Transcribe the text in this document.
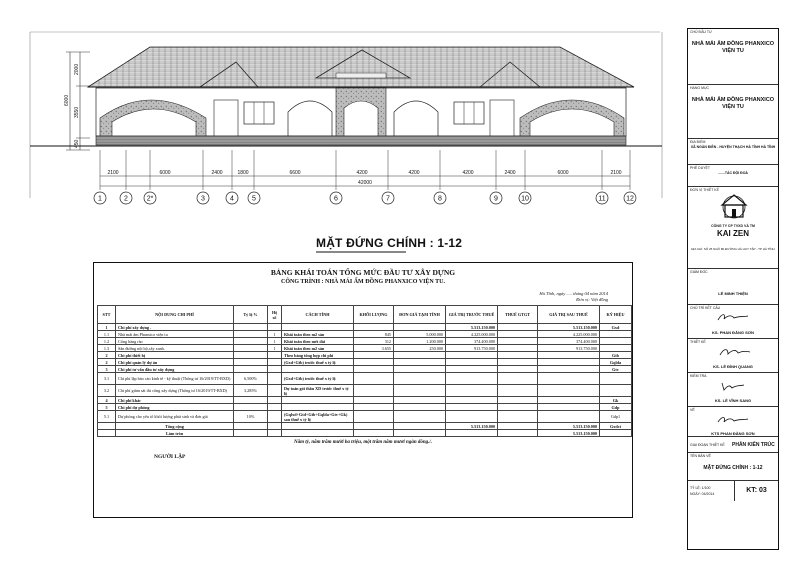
2000
3550
450
6000
2100	6000	2400	1800	6600	4200	4200	4200	2400	6000	2100
42000
1	2	2*	3	4	5	6	7	8	9	10	11	12
MẶT ĐỨNG CHÍNH : 1-12
BẢNG KHÁI TOÁN TỔNG MỨC ĐẦU TƯ XÂY DỰNG
CÔNG TRÌNH : NHÀ MÁI ẤM ĐỒNG PHANXICO VIỆN TU.
Hà Tĩnh, ngày ..... tháng 04 năm 2014
Đơn vị: Việt đồng
STT	NỘI DUNG CHI PHÍ	Tỷ lệ %	Hệ số	CÁCH TÍNH	KHỐI LƯỢNG	ĐƠN GIÁ TẠM TÍNH	GIÁ TRỊ TRƯỚC THUẾ	THUẾ GTGT	GIÁ TRỊ SAU THUẾ	KÝ HIỆU
1	Chi phí xây dựng .						5.513.150.000		5.513.150.000	Gxd
1.1	Nhà mái ấm Phanxico viện tu		1	Khái toán theo m2 sàn	845	5.000.000	4.225.000.000		4.225.000.000	
1.2	Cổng hàng rào		1	Khái toán theo mét dài	312	1.200.000	374.400.000		374.400.000	
1.3	Sân đường nội bộ,cây xanh.		1	Khái toán theo m2 sàn	3.655	250.000	913.750.000		913.750.000	
2	Chi phí thiết bị			Theo bảng tổng hợp chi phí						Gtb
2	Chi phí quản lý dự án			(Gxd+Gtb) trước thuế x tỷ lệ						Gqlda
3	Chi phí tư vấn đầu tư xây dựng									Gtv
3.1	Chi phí lập báo cáo kinh tế - kỹ thuật (Thông tư 16/2019/TT-BXD)	6,500%		(Gxd+Gtb) trước thuế x tỷ lệ						
3.2	Chi phí giám sát thi công xây dựng (Thông tư 16/2019/TT-BXD)	3,285%		Dự toán gói thầu XD trước thuế x tỷ lệ						
4	Chi phí khác									Gk
5	Chi phí dự phòng									Gdp
5.1	Dự phòng cho yếu tố khối lượng phát sinh và đơn giá	10%		(Gqlxd+Gtd+Gtb+Gqlda+Gtv+Gk) sau thuế x tỷ lệ						Gdp1
	Tổng cộng						5.513.150.000		5.513.150.000	Gxdct
	Làm tròn								5.513.150.000	
Năm tỷ, năm trăm mười ba triệu, một trăm năm mươi ngàn đồng./.
NGƯỜI LẬP
CHỦ ĐẦU TƯ
NHÀ MÁI ẤM ĐỒNG PHANXICO VIỆN TU
HẠNG MỤC
NHÀ MÁI ẤM ĐỒNG PHANXICO VIỆN TU
ĐỊA ĐIỂM
XÃ NGÀN ĐIỀN - HUYỆN THẠCH HÀ TỈNH HÀ TĨNH
PHÊ DUYỆT
.......TÁC ĐỘI ĐOÀ
ĐƠN VỊ THIẾT KẾ
CÔNG TY CP TVXD VÀ TM
KAI ZEN
ĐỊA CHỈ: SỐ 25 NGÕ 80 ĐƯỜNG HÀ HUY TẬP - TP HÀ TĨNH
GIÁM ĐỐC
LÊ MINH THIỆN
CHỦ TRÌ KẾT CẤU
KS. PHAN ĐĂNG SƠN
THIẾT KẾ
KS. LÊ ĐÌNH QUANG
KIỂM TRA
KS. LÊ VĨNH SANG
VẼ
KTS PHAN ĐĂNG SƠN
GIAI ĐOẠN THIẾT KẾ	PHẦN KIẾN TRÚC
TÊN BẢN VẼ
MẶT ĐỨNG CHÍNH : 1-12
TỶ LỆ: 1/100
NGÀY: 04/2014	KT: 03
